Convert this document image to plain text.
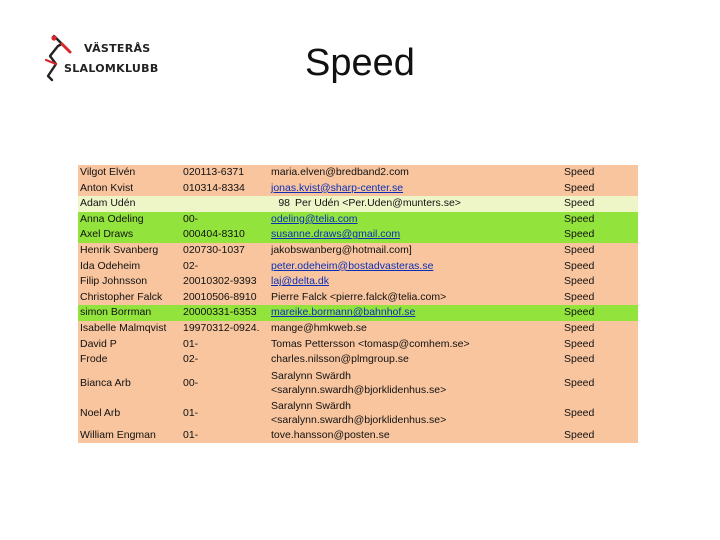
VÄSTERÅS
SLALOMKLUBB	Speed
Vilgot Elvén	020113-6371	maria.elven@bredband2.com	Speed
Anton Kvist	010314-8334	jonas.kvist@sharp-center.se	Speed
Adam Udén		98 Per Udén <Per.Uden@munters.se>	Speed
Anna Odeling	00-	odeling@telia.com	Speed
Axel Draws	000404-8310	susanne.draws@gmail.com	Speed
Henrik Svanberg	020730-1037	jakobswanberg@hotmail.com]	Speed
Ida Odeheim	02-	peter.odeheim@bostadvasteras.se	Speed
Filip Johnsson	20010302-9393	laj@delta.dk	Speed
Christopher Falck	20010506-8910	Pierre Falck <pierre.falck@telia.com>	Speed
simon Borrman	20000331-6353	mareike.bormann@bahnhof.se	Speed
Isabelle Malmqvist	19970312-0924.	mange@hmkweb.se	Speed
David P	01-	Tomas Pettersson <tomasp@comhem.se>	Speed
Frode	02-	charles.nilsson@plmgroup.se	Speed
Bianca Arb	00-	Saralynn Swärdh
<saralynn.swardh@bjorklidenhus.se>	Speed
Noel Arb	01-	Saralynn Swärdh
<saralynn.swardh@bjorklidenhus.se>	Speed
William Engman	01-	tove.hansson@posten.se	Speed
